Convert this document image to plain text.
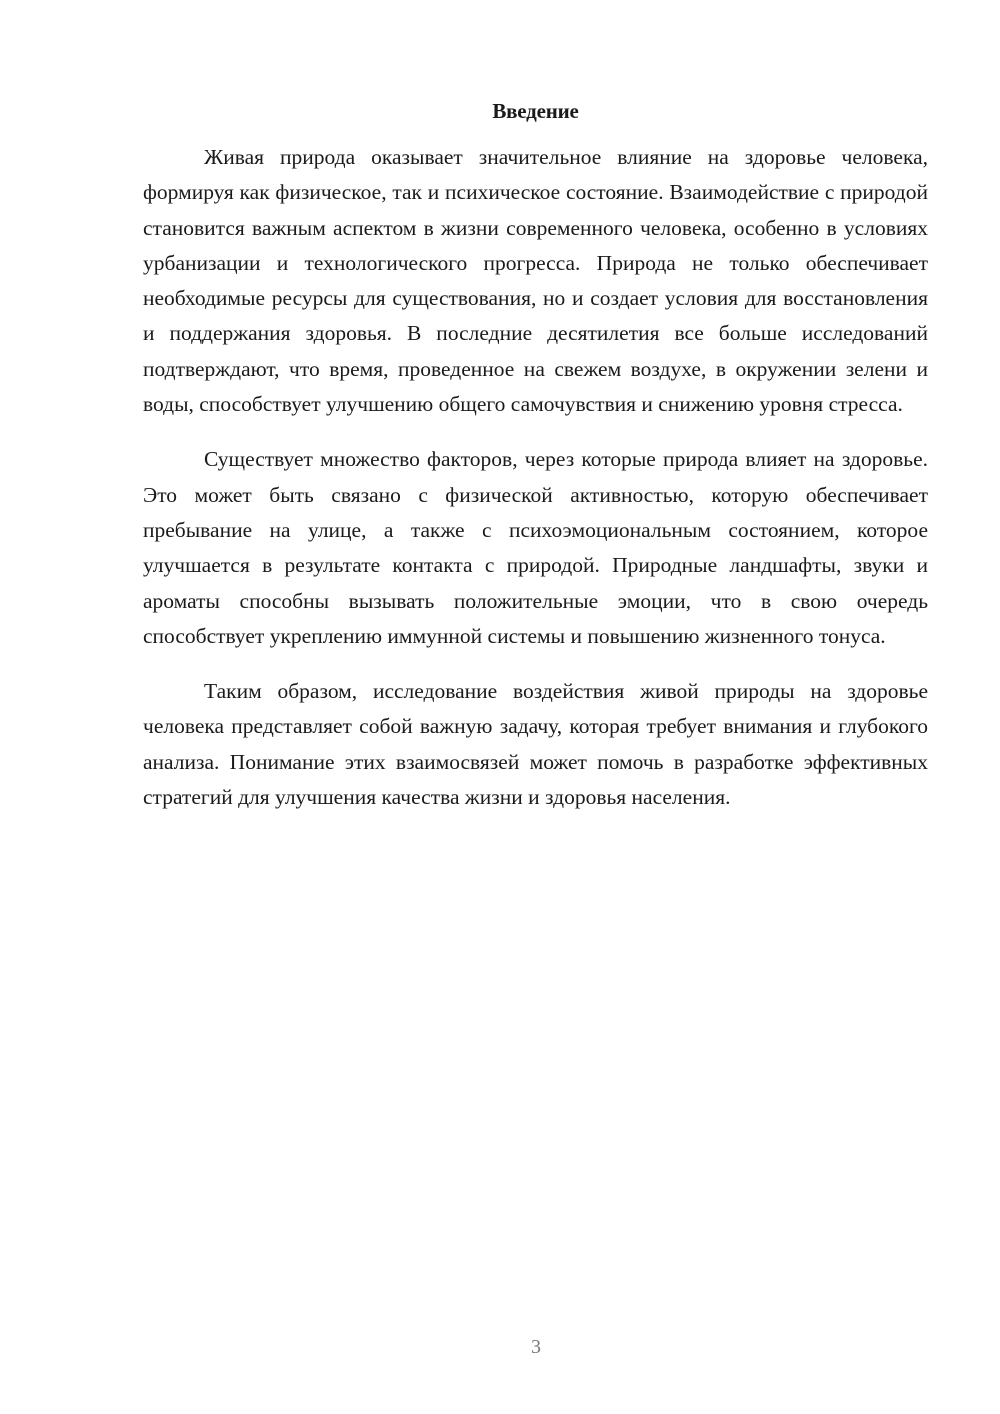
Введение

Живая природа оказывает значительное влияние на здоровье человека, формируя как физическое, так и психическое состояние. Взаимодействие с природой становится важным аспектом в жизни современного человека, особенно в условиях урбанизации и технологического прогресса. Природа не только обеспечивает необходимые ресурсы для существования, но и создает условия для восстановления и поддержания здоровья. В последние десятилетия все больше исследований подтверждают, что время, проведенное на свежем воздухе, в окружении зелени и воды, способствует улучшению общего самочувствия и снижению уровня стресса.

Существует множество факторов, через которые природа влияет на здоровье. Это может быть связано с физической активностью, которую обеспечивает пребывание на улице, а также с психоэмоциональным состоянием, которое улучшается в результате контакта с природой. Природные ландшафты, звуки и ароматы способны вызывать положительные эмоции, что в свою очередь способствует укреплению иммунной системы и повышению жизненного тонуса.

Таким образом, исследование воздействия живой природы на здоровье человека представляет собой важную задачу, которая требует внимания и глубокого анализа. Понимание этих взаимосвязей может помочь в разработке эффективных стратегий для улучшения качества жизни и здоровья населения.

3
